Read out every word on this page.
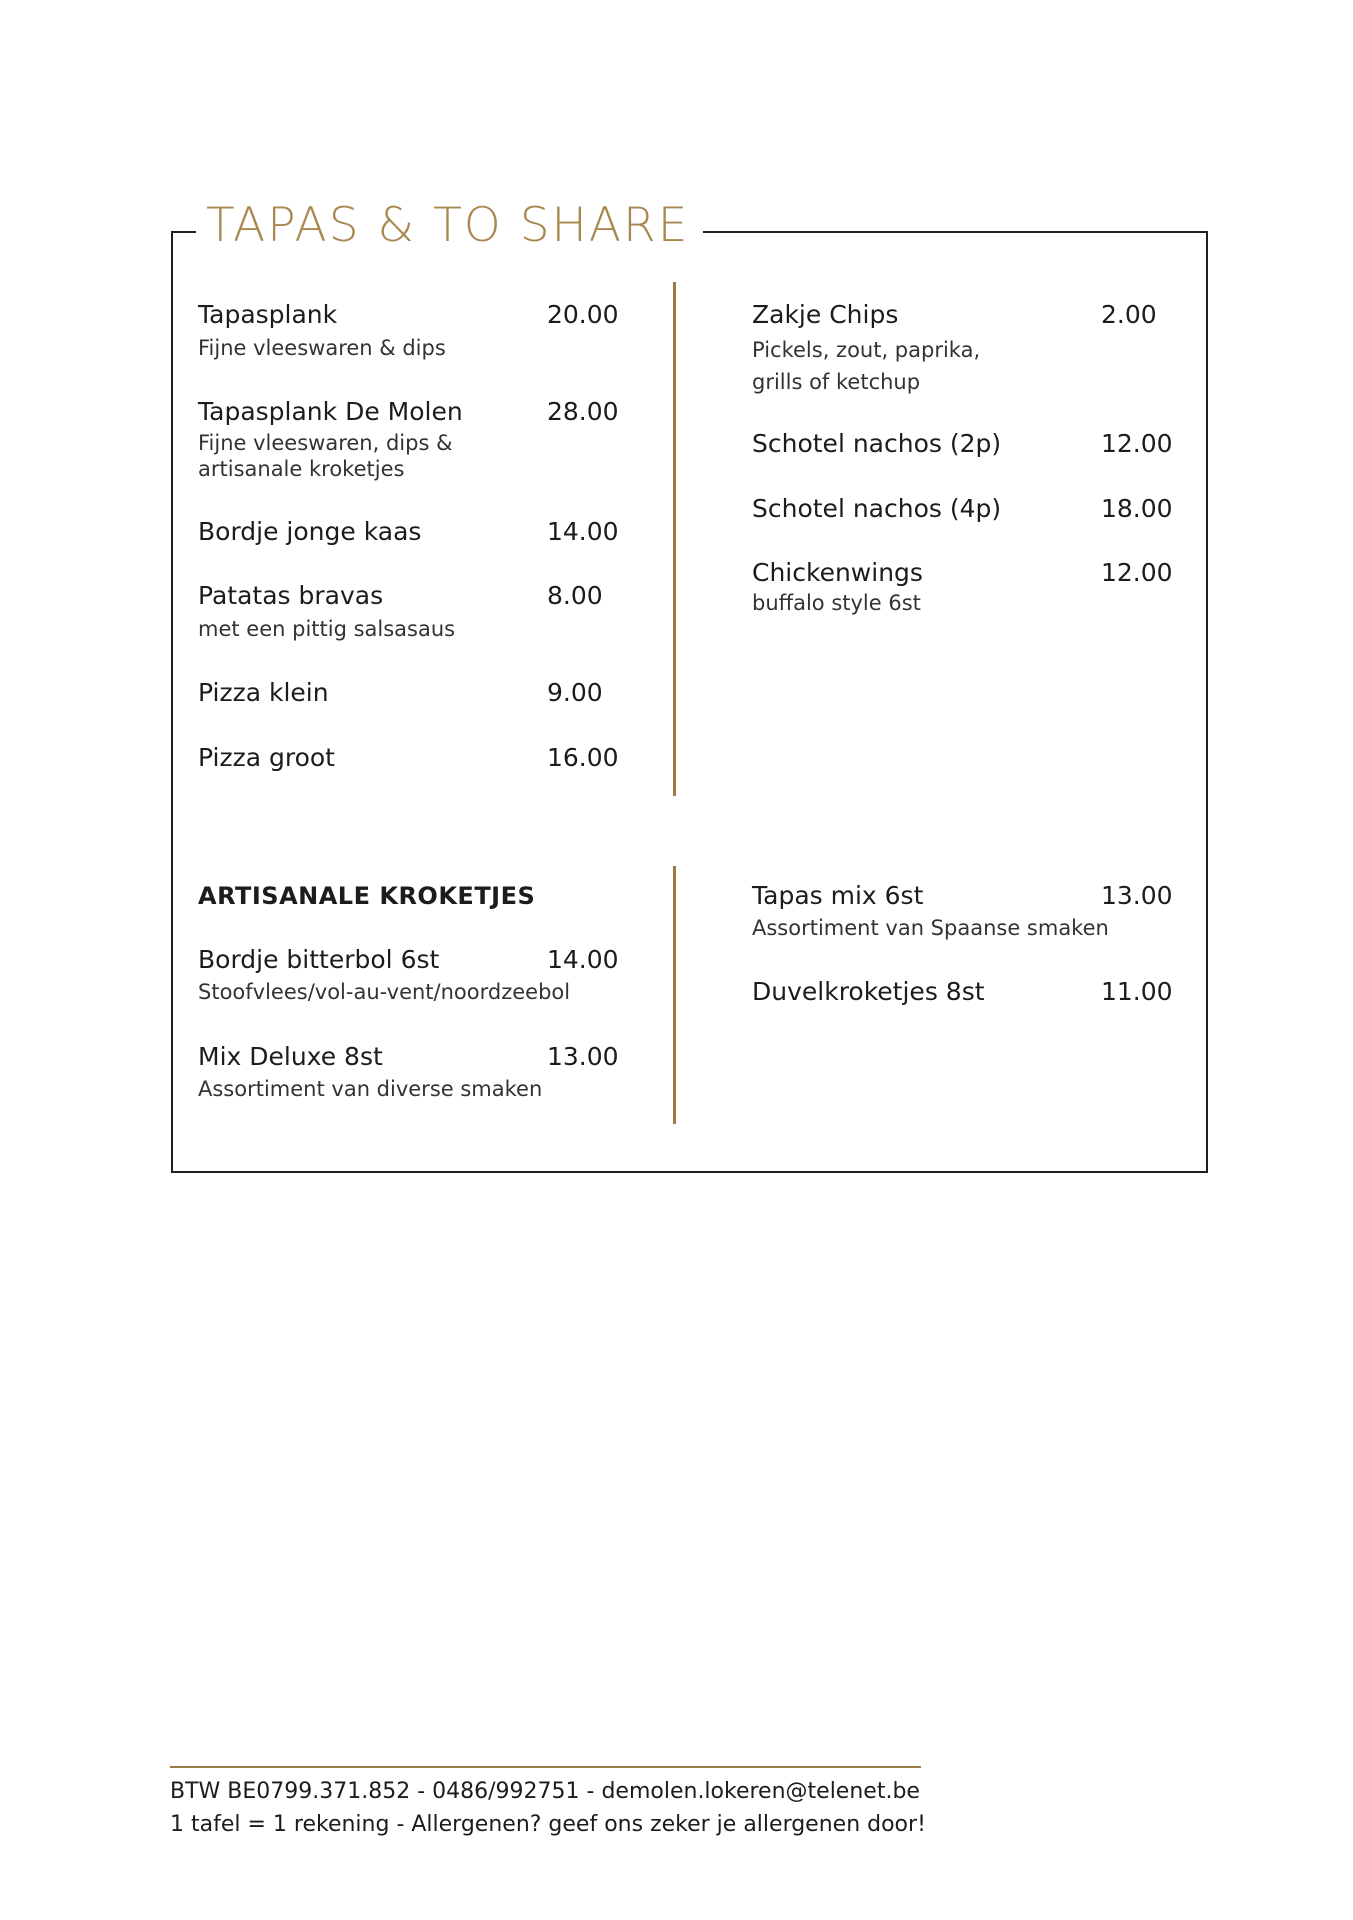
TAPAS & TO SHARE
Tapasplank	20.00
Fijne vleeswaren & dips
Tapasplank De Molen	28.00
Fijne vleeswaren, dips &
artisanale kroketjes
Bordje jonge kaas	14.00
Patatas bravas	8.00
met een pittig salsasaus
Pizza klein	9.00
Pizza groot	16.00
Zakje Chips	2.00
Pickels, zout, paprika,
grills of ketchup
Schotel nachos (2p)	12.00
Schotel nachos (4p)	18.00
Chickenwings	12.00
buffalo style 6st
ARTISANALE KROKETJES
Bordje bitterbol 6st	14.00
Stoofvlees/vol-au-vent/noordzeebol
Mix Deluxe 8st	13.00
Assortiment van diverse smaken
Tapas mix 6st	13.00
Assortiment van Spaanse smaken
Duvelkroketjes 8st	11.00
BTW BE0799.371.852 - 0486/992751 - demolen.lokeren@telenet.be
1 tafel = 1 rekening - Allergenen? geef ons zeker je allergenen door!
